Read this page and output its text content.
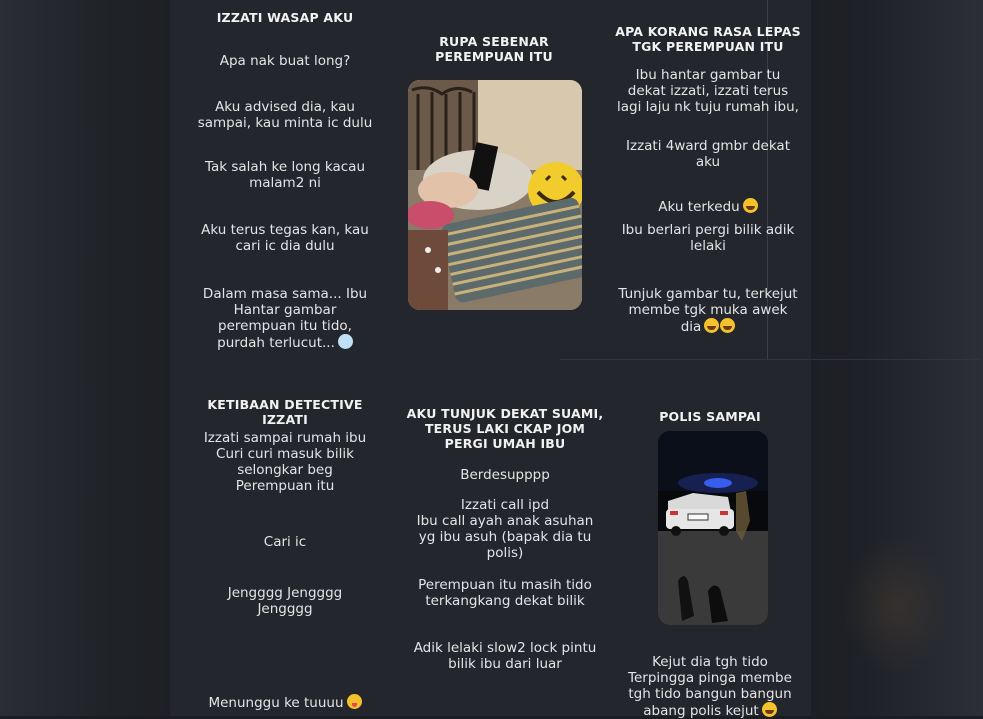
IZZATI WASAP AKU
Apa nak buat long?
Aku advised dia, kau
sampai, kau minta ic dulu
Tak salah ke long kacau
malam2 ni
Aku terus tegas kan, kau
cari ic dia dulu

Dalam masa sama... Ibu
Hantar gambar
perempuan itu tido,
purdah terlucut...

RUPA SEBENAR PEREMPUAN ITU
APA KORANG RASA LEPAS TGK PEREMPUAN ITU
Ibu hantar gambar tu
dekat izzati, izzati terus
lagi laju nk tuju rumah ibu,
Izzati 4ward gmbr dekat
aku

Aku terkedu

Ibu berlari pergi bilik adik
lelaki

Tunjuk gambar tu, terkejut
membe tgk muka awek
dia

KETIBAAN DETECTIVE IZZATI
Izzati sampai rumah ibu
Curi curi masuk bilik
selongkar beg
Perempuan itu
Cari ic
Jengggg Jengggg
Jengggg

Menunggu ke tuuuu

AKU TUNJUK DEKAT SUAMI, TERUS LAKI CKAP JOM PERGI UMAH IBU
Berdesupppp
Izzati call ipd
Ibu call ayah anak asuhan
yg ibu asuh (bapak dia tu
polis)
Perempuan itu masih tido
terkangkang dekat bilik
Adik lelaki slow2 lock pintu
bilik ibu dari luar
POLIS SAMPAI

Kejut dia tgh tido
Terpingga pinga membe
tgh tido bangun bangun
abang polis kejut
